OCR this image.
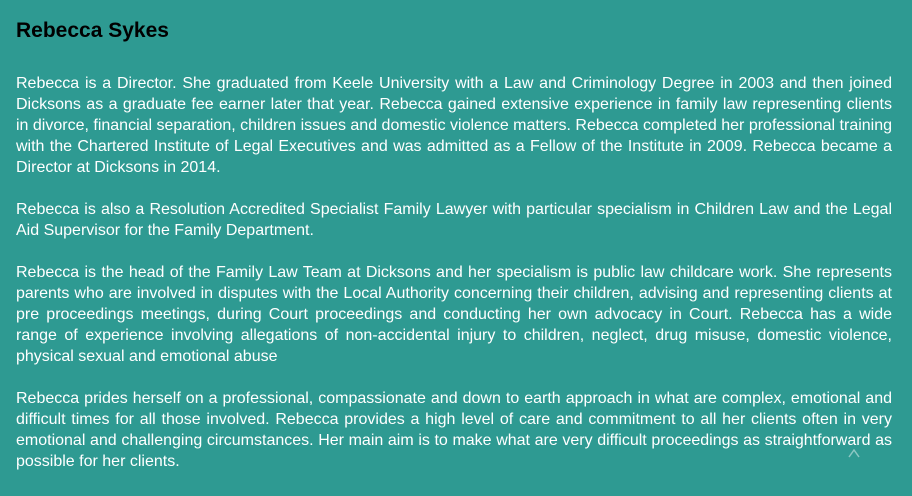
Rebecca Sykes

Rebecca is a Director. She graduated from Keele University with a Law and Criminology Degree in 2003 and then joined Dicksons as a graduate fee earner later that year. Rebecca gained extensive experience in family law representing clients in divorce, financial separation, children issues and domestic violence matters. Rebecca completed her professional training with the Chartered Institute of Legal Executives and was admitted as a Fellow of the Institute in 2009. Rebecca became a Director at Dicksons in 2014.

Rebecca is also a Resolution Accredited Specialist Family Lawyer with particular specialism in Children Law and the Legal Aid Supervisor for the Family Department.

Rebecca is the head of the Family Law Team at Dicksons and her specialism is public law childcare work. She represents parents who are involved in disputes with the Local Authority concerning their children, advising and representing clients at pre proceedings meetings, during Court proceedings and conducting her own advocacy in Court. Rebecca has a wide range of experience involving allegations of non-accidental injury to children, neglect, drug misuse, domestic violence, physical sexual and emotional abuse

Rebecca prides herself on a professional, compassionate and down to earth approach in what are complex, emotional and difficult times for all those involved. Rebecca provides a high level of care and commitment to all her clients often in very emotional and challenging circumstances. Her main aim is to make what are very difficult proceedings as straightforward as possible for her clients.
